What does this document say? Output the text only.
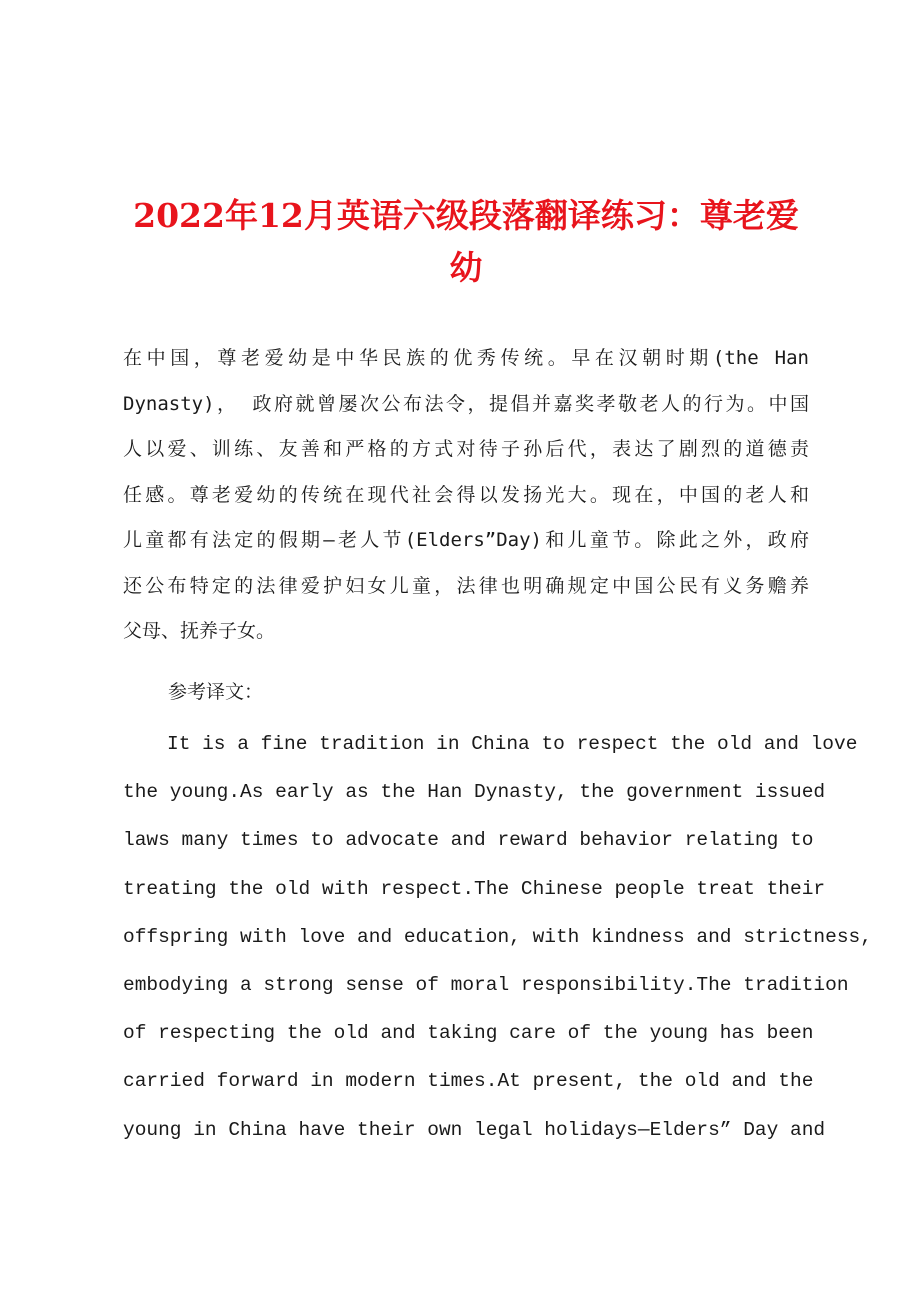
2022年12月英语六级段落翻译练习：尊老爱
幼

在中国，尊老爱幼是中华民族的优秀传统。早在汉朝时期(the Han
Dynasty)， 政府就曾屡次公布法令，提倡并嘉奖孝敬老人的行为。中国
人以爱、训练、友善和严格的方式对待子孙后代，表达了剧烈的道德责
任感。尊老爱幼的传统在现代社会得以发扬光大。现在，中国的老人和
儿童都有法定的假期—老人节(Elders”Day)和儿童节。除此之外，政府
还公布特定的法律爱护妇女儿童，法律也明确规定中国公民有义务赡养
父母、抚养子女。

参考译文：

It is a fine tradition in China to respect the old and love
the young.As early as the Han Dynasty, the government issued
laws many times to advocate and reward behavior relating to
treating the old with respect.The Chinese people treat their
offspring with love and education, with kindness and strictness,
embodying a strong sense of moral responsibility.The tradition
of respecting the old and taking care of the young has been
carried forward in modern times.At present, the old and the
young in China have their own legal holidays—Elders” Day and
